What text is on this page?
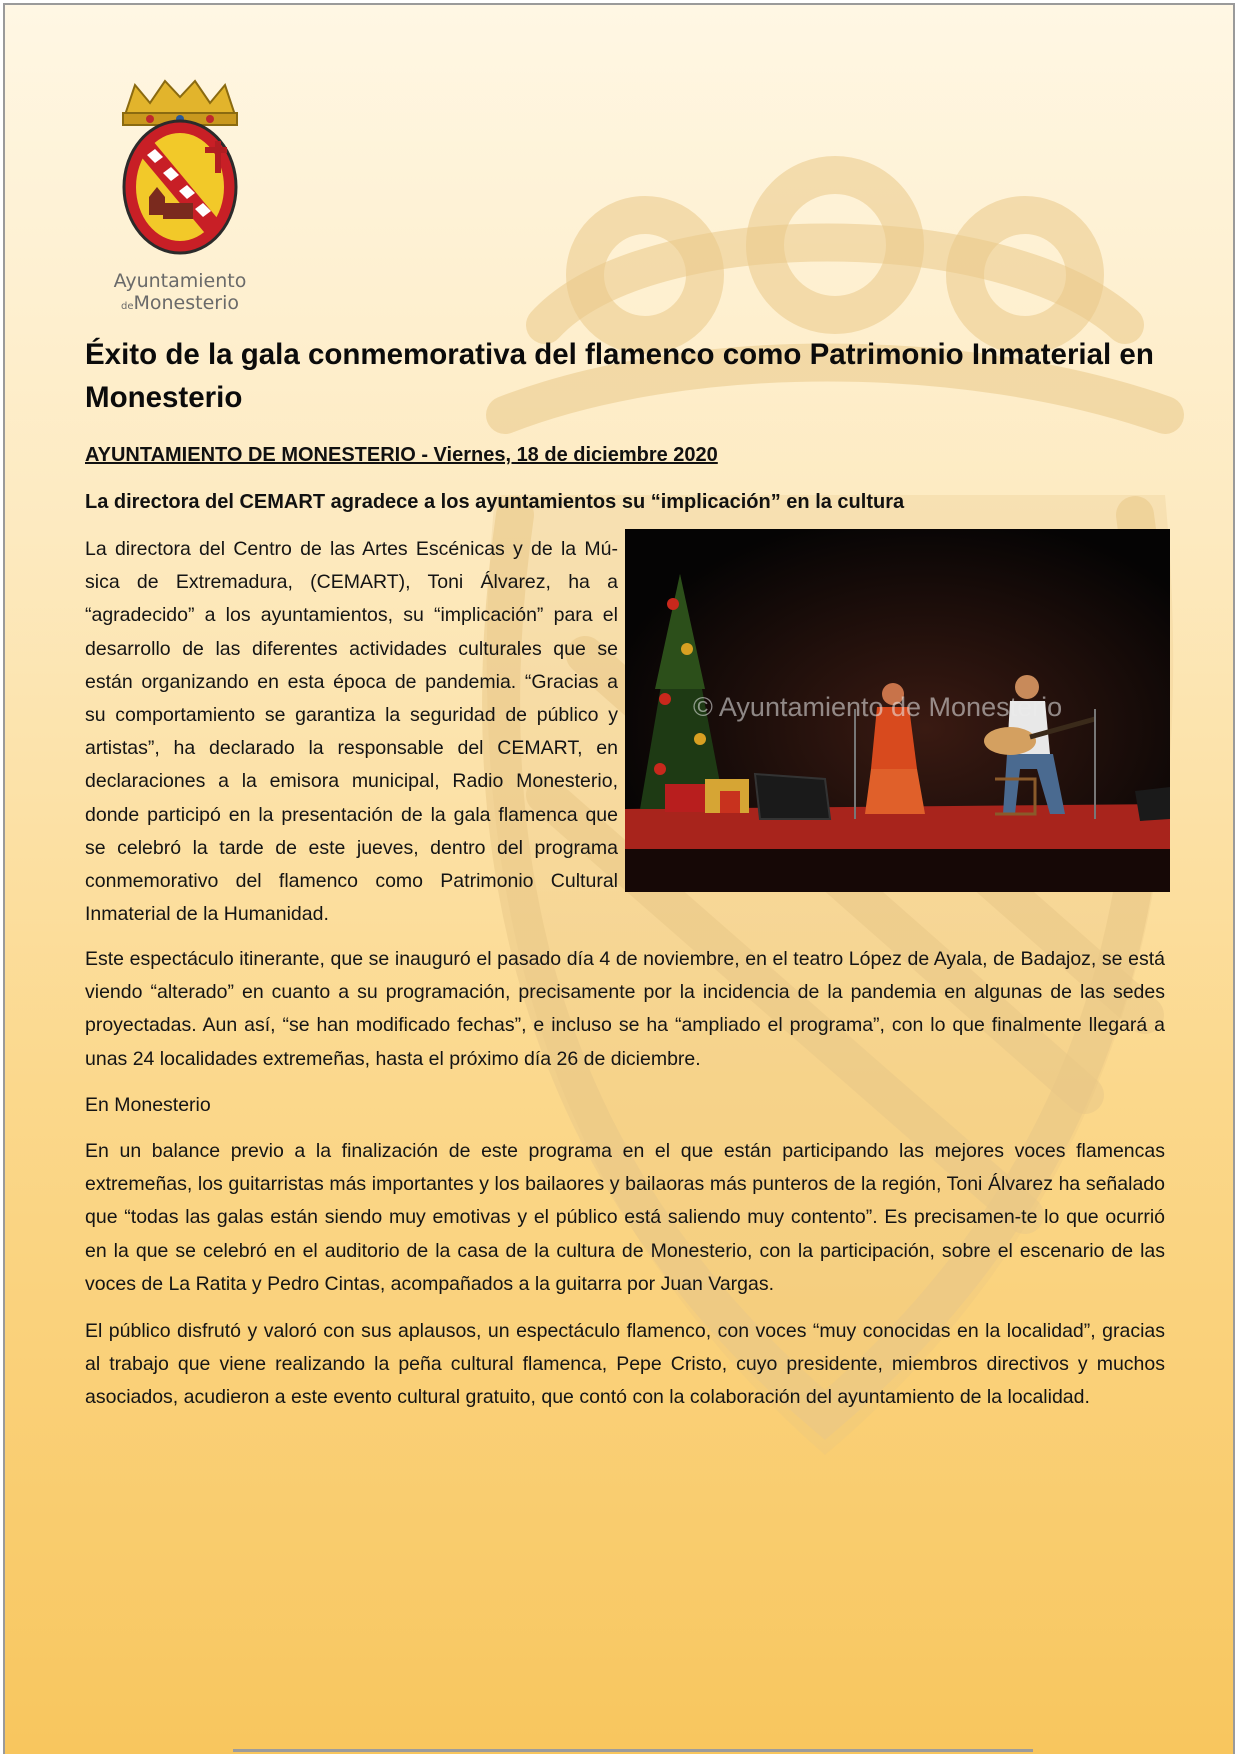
Ayuntamiento
deMonesterio
Éxito de la gala conmemorativa del flamenco como Patrimonio Inmaterial en Monesterio

AYUNTAMIENTO DE MONESTERIO - Viernes, 18 de diciembre 2020

La directora del CEMART agradece a los ayuntamientos su “implicación” en la cultura

La directora del Centro de las Artes Escénicas y de la Mú-sica de Extremadura, (CEMART), Toni Álvarez, ha a “agradecido” a los ayuntamientos, su “implicación” para el desarrollo de las diferentes actividades culturales que se están organizando en esta época de pandemia. “Gracias a su comportamiento se garantiza la seguridad de público y artistas”, ha declarado la responsable del CEMART, en declaraciones a la emisora municipal, Radio Monesterio, donde participó en la presentación de la gala flamenca que se celebró la tarde de este jueves, dentro del programa conmemorativo del flamenco como Patrimonio Cultural Inmaterial de la Humanidad.

© Ayuntamiento de Monesterio

Este espectáculo itinerante, que se inauguró el pasado día 4 de noviembre, en el teatro López de Ayala, de Badajoz, se está viendo “alterado” en cuanto a su programación, precisamente por la incidencia de la pandemia en algunas de las sedes proyectadas. Aun así, “se han modificado fechas”, e incluso se ha “ampliado el programa”, con lo que finalmente llegará a unas 24 localidades extremeñas, hasta el próximo día 26 de diciembre.

En Monesterio

En un balance previo a la finalización de este programa en el que están participando las mejores voces flamencas extremeñas, los guitarristas más importantes y los bailaores y bailaoras más punteros de la región, Toni Álvarez ha señalado que “todas las galas están siendo muy emotivas y el público está saliendo muy contento”. Es precisamen-te lo que ocurrió en la que se celebró en el auditorio de la casa de la cultura de Monesterio, con la participación, sobre el escenario de las voces de La Ratita y Pedro Cintas, acompañados a la guitarra por Juan Vargas.

El público disfrutó y valoró con sus aplausos, un espectáculo flamenco, con voces “muy conocidas en la localidad”, gracias al trabajo que viene realizando la peña cultural flamenca, Pepe Cristo, cuyo presidente, miembros directivos y muchos asociados, acudieron a este evento cultural gratuito, que contó con la colaboración del ayuntamiento de la localidad.
